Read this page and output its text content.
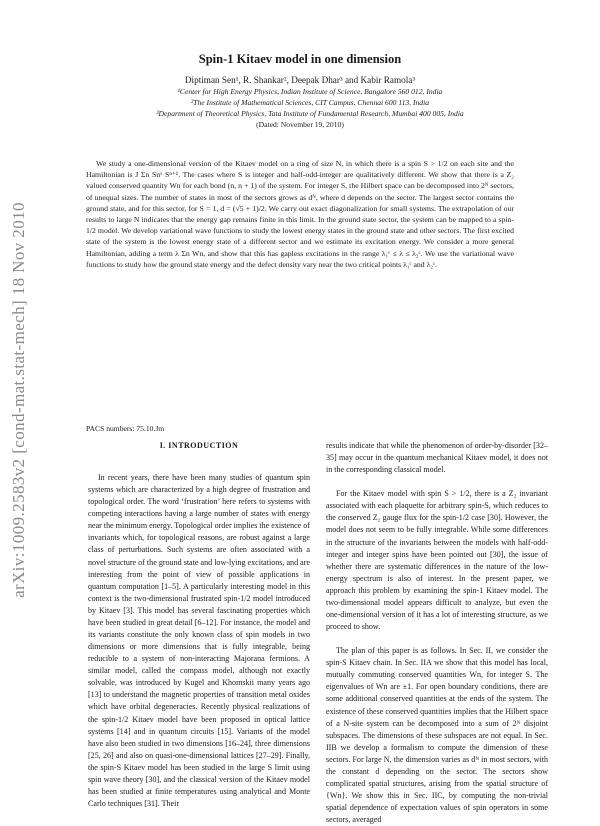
arXiv:1009.2583v2 [cond-mat.stat-mech] 18 Nov 2010
Spin-1 Kitaev model in one dimension
Diptiman Sen¹, R. Shankar², Deepak Dhar³ and Kabir Ramola³
¹Center for High Energy Physics, Indian Institute of Science, Bangalore 560 012, India
²The Institute of Mathematical Sciences, CIT Campus, Chennai 600 113, India
³Department of Theoretical Physics, Tata Institute of Fundamental Research, Mumbai 400 005, India
(Dated: November 19, 2010)

We study a one-dimensional version of the Kitaev model on a ring of size N, in which there is a spin S > 1/2 on each site and the Hamiltonian is J Σn Snˣ Sⁿ⁺¹. The cases where S is integer and half-odd-integer are qualitatively different. We show that there is a Z₂ valued conserved quantity Wn for each bond (n, n + 1) of the system. For integer S, the Hilbert space can be decomposed into 2ᴺ sectors, of unequal sizes. The number of states in most of the sectors grows as dᴺ, where d depends on the sector. The largest sector contains the ground state, and for this sector, for S = 1, d = (√5 + 1)/2. We carry out exact diagonalization for small systems. The extrapolation of our results to large N indicates that the energy gap remains finite in this limit. In the ground state sector, the system can be mapped to a spin-1/2 model. We develop variational wave functions to study the lowest energy states in the ground state and other sectors. The first excited state of the system is the lowest energy state of a different sector and we estimate its excitation energy. We consider a more general Hamiltonian, adding a term λ Σn Wn, and show that this has gapless excitations in the range λ₁ᶜ ≤ λ ≤ λ₂ᶜ. We use the variational wave functions to study how the ground state energy and the defect density vary near the two critical points λ₁ᶜ and λ₂ᶜ.

PACS numbers: 75.10.Jm
I. INTRODUCTION

In recent years, there have been many studies of quantum spin systems which are characterized by a high degree of frustration and topological order. The word ‘frustration’ here refers to systems with competing interactions having a large number of states with energy near the minimum energy. Topological order implies the existence of invariants which, for topological reasons, are robust against a large class of perturbations. Such systems are often associated with a novel structure of the ground state and low-lying excitations, and are interesting from the point of view of possible applications in quantum computation [1–5]. A particularly interesting model in this context is the two-dimensional frustrated spin-1/2 model introduced by Kitaev [3]. This model has several fascinating properties which have been studied in great detail [6–12]. For instance, the model and its variants constitute the only known class of spin models in two dimensions or more dimensions that is fully integrable, being reducible to a system of non-interacting Majorana fermions. A similar model, called the compass model, although not exactly solvable, was introduced by Kugel and Khomskii many years ago [13] to understand the magnetic properties of transition metal oxides which have orbital degeneracies. Recently physical realizations of the spin-1/2 Kitaev model have been proposed in optical lattice systems [14] and in quantum circuits [15]. Variants of the model have also been studied in two dimensions [16–24], three dimensions [25, 26] and also on quasi-one-dimensional lattices [27–29]. Finally, the spin-S Kitaev model has been studied in the large S limit using spin wave theory [30], and the classical version of the Kitaev model has been studied at finite temperatures using analytical and Monte Carlo techniques [31]. Their

results indicate that while the phenomenon of order-by-disorder [32–35] may occur in the quantum mechanical Kitaev model, it does not in the corresponding classical model.

For the Kitaev model with spin S > 1/2, there is a Z₂ invariant associated with each plaquette for arbitrary spin-S, which reduces to the conserved Z₂ gauge flux for the spin-1/2 case [30]. However, the model does not seem to be fully integrable. While some differences in the structure of the invariants between the models with half-odd-integer and integer spins have been pointed out [30], the issue of whether there are systematic differences in the nature of the low-energy spectrum is also of interest. In the present paper, we approach this problem by examining the spin-1 Kitaev model. The two-dimensional model appears difficult to analyze, but even the one-dimensional version of it has a lot of interesting structure, as we proceed to show.

The plan of this paper is as follows. In Sec. II, we consider the spin-S Kitaev chain. In Sec. IIA we show that this model has local, mutually commuting conserved quantities Wn, for integer S. The eigenvalues of Wn are ±1. For open boundary conditions, there are some additional conserved quantities at the ends of the system. The existence of these conserved quantities implies that the Hilbert space of a N-site system can be decomposed into a sum of 2ᴺ disjoint subspaces. The dimensions of these subspaces are not equal. In Sec. IIB we develop a formalism to compute the dimension of these sectors. For large N, the dimension varies as dᴺ in most sectors, with the constant d depending on the sector. The sectors show complicated spatial structures, arising from the spatial structure of {Wn}. We show this in Sec. IIC, by computing the non-trivial spatial dependence of expectation values of spin operators in some sectors, averaged
